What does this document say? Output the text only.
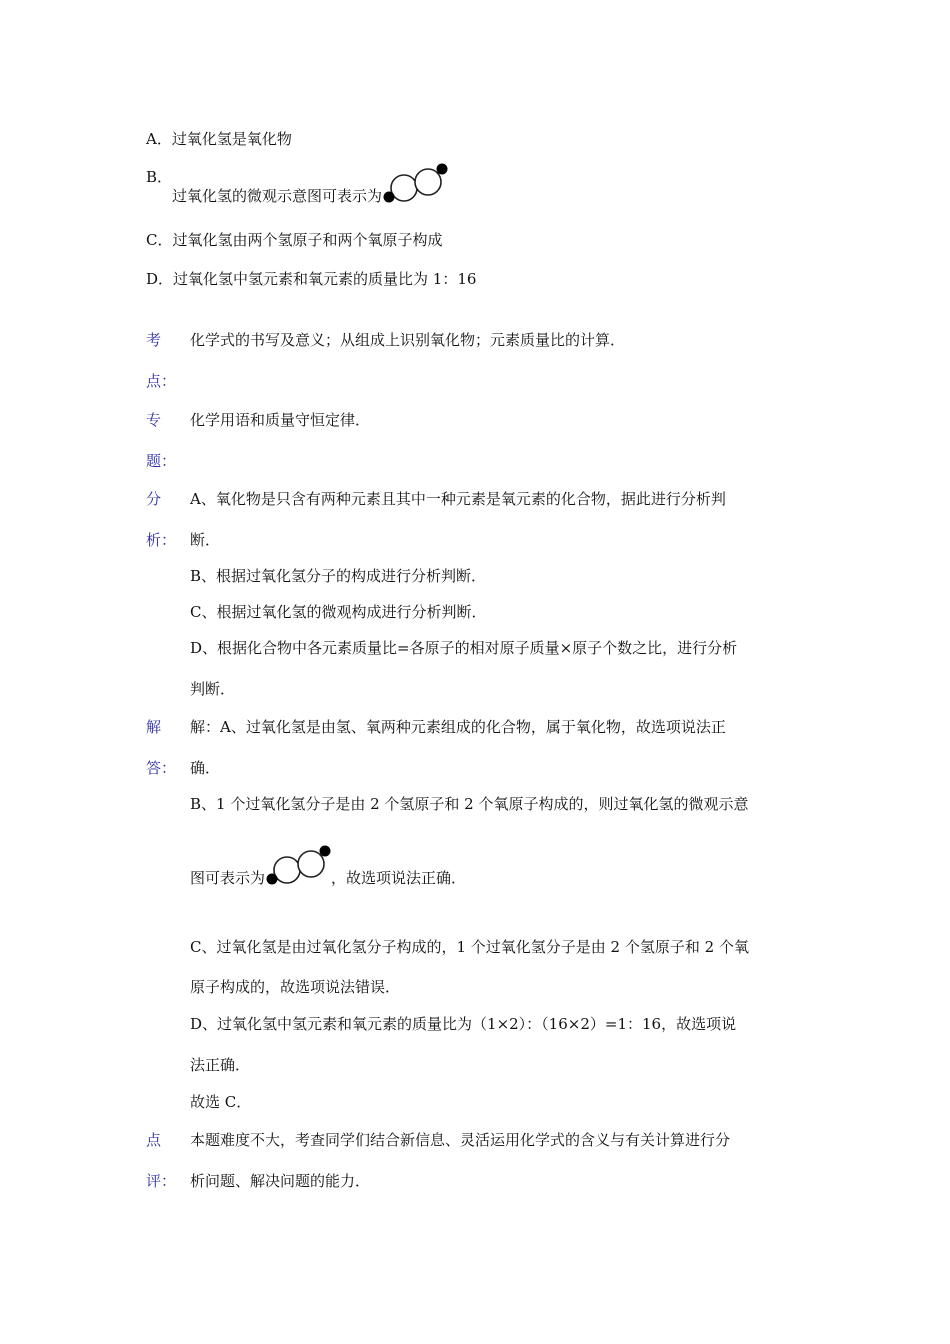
A．过氧化氢是氧化物
B．
过氧化氢的微观示意图可表示为
C．过氧化氢由两个氢原子和两个氧原子构成
D．过氧化氢中氢元素和氧元素的质量比为 1：16
考
点：
化学式的书写及意义；从组成上识别氧化物；元素质量比的计算．
专
题：
化学用语和质量守恒定律．
分
析：
A、氧化物是只含有两种元素且其中一种元素是氧元素的化合物，据此进行分析判
断．
B、根据过氧化氢分子的构成进行分析判断．
C、根据过氧化氢的微观构成进行分析判断．
D、根据化合物中各元素质量比=各原子的相对原子质量×原子个数之比，进行分析
判断．
解
答：
解：A、过氧化氢是由氢、氧两种元素组成的化合物，属于氧化物，故选项说法正
确．
B、1 个过氧化氢分子是由 2 个氢原子和 2 个氧原子构成的，则过氧化氢的微观示意
图可表示为	，故选项说法正确．
C、过氧化氢是由过氧化氢分子构成的，1 个过氧化氢分子是由 2 个氢原子和 2 个氧
原子构成的，故选项说法错误．
D、过氧化氢中氢元素和氧元素的质量比为（1×2）：（16×2）=1：16，故选项说
法正确．
故选 C．
点
评：
本题难度不大，考查同学们结合新信息、灵活运用化学式的含义与有关计算进行分
析问题、解决问题的能力．
